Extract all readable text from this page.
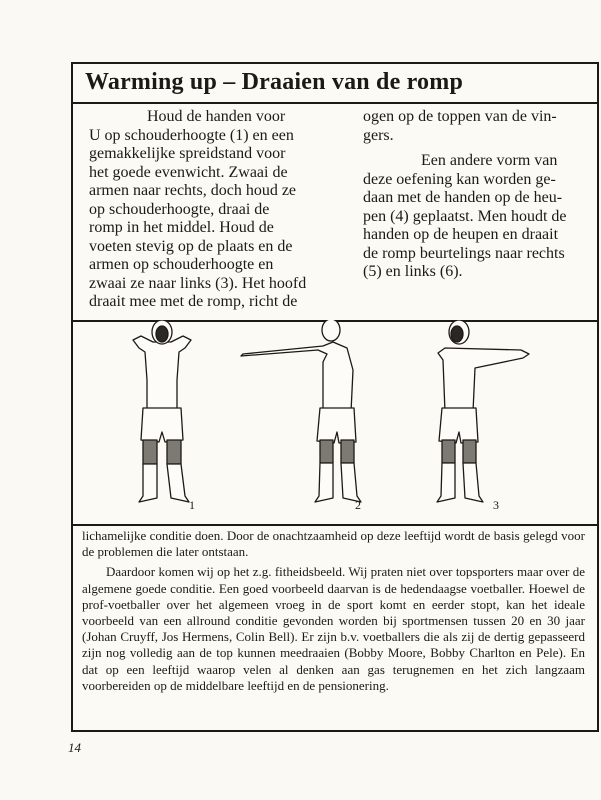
Warming up – Draaien van de romp

Houd de handen voor

U op schouderhoogte (1) en een

gemakkelijke spreidstand voor

het goede evenwicht. Zwaai de

armen naar rechts, doch houd ze

op schouderhoogte, draai de

romp in het middel. Houd de

voeten stevig op de plaats en de

armen op schouderhoogte en

zwaai ze naar links (3). Het hoofd

draait mee met de romp, richt de

ogen op de toppen van de vin-

gers.

Een andere vorm van

deze oefening kan worden ge-

daan met de handen op de heu-

pen (4) geplaatst. Men houdt de

handen op de heupen en draait

de romp beurtelings naar rechts

(5) en links (6).

1	2	3

lichamelijke conditie doen. Door de onachtzaamheid op deze leeftijd wordt de basis gelegd voor de problemen die later ontstaan.

Daardoor komen wij op het z.g. fitheidsbeeld. Wij praten niet over topsporters maar over de algemene goede conditie. Een goed voorbeeld daarvan is de hedendaagse voetballer. Hoewel de prof-voetballer over het algemeen vroeg in de sport komt en eerder stopt, kan het ideale voorbeeld van een allround conditie gevonden worden bij sportmensen tussen 20 en 30 jaar (Johan Cruyff, Jos Hermens, Colin Bell). Er zijn b.v. voetballers die als zij de dertig gepasseerd zijn nog volledig aan de top kunnen meedraaien (Bobby Moore, Bobby Charlton en Pele). En dat op een leeftijd waarop velen al denken aan gas terugnemen en het zich langzaam voorbereiden op de middelbare leeftijd en de pensionering.

14
